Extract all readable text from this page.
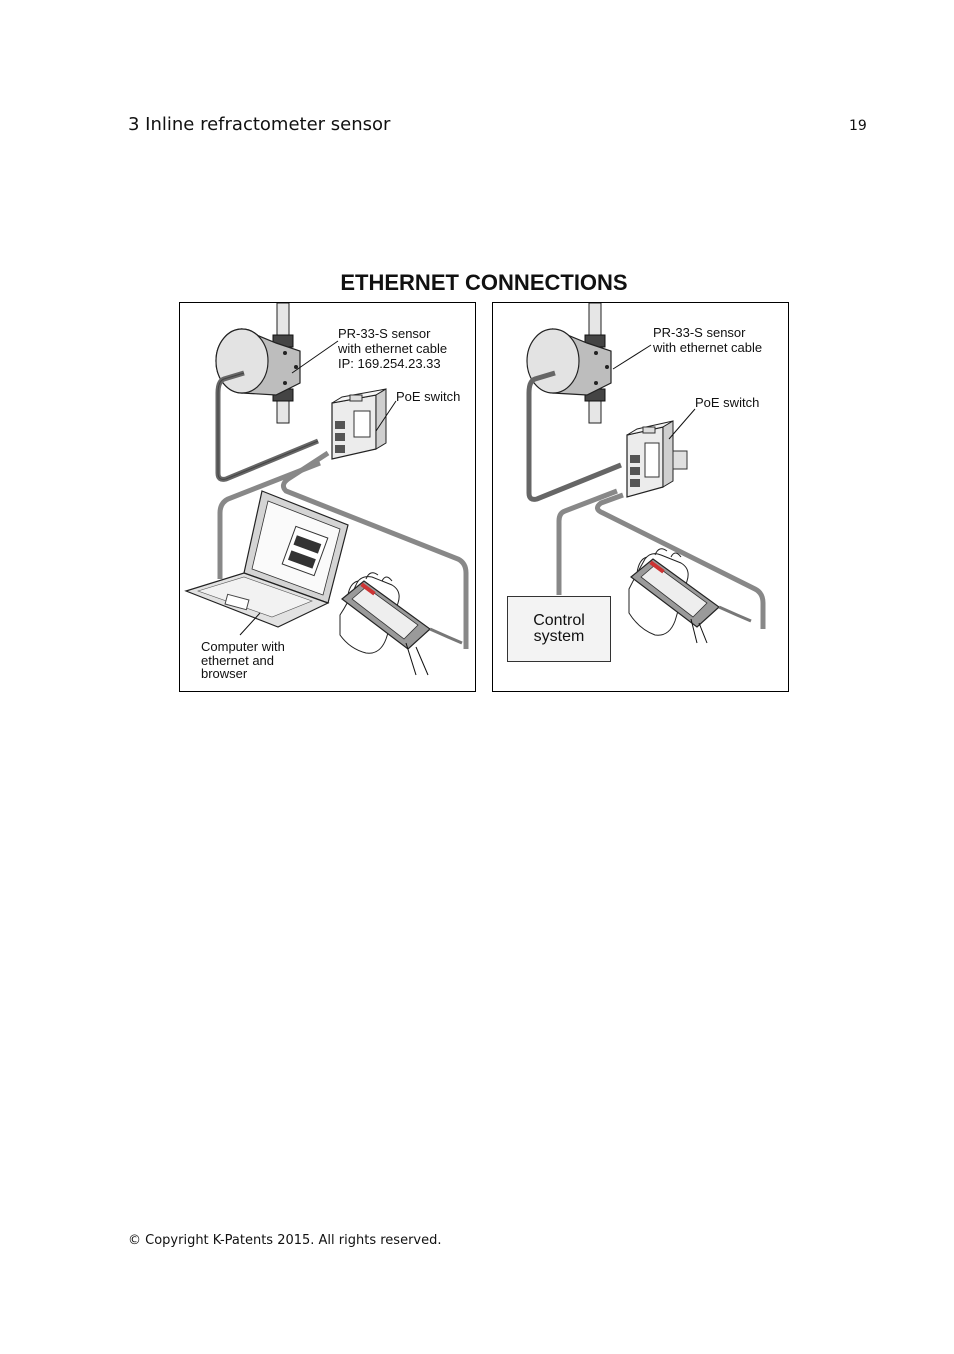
3 Inline refractometer sensor	19
ETHERNET CONNECTIONS
PR-33-S sensor
with ethernet cable
IP: 169.254.23.33
PoE switch
Computer with
ethernet and
browser
PR-33-S sensor
with ethernet cable
PoE switch
Control
system
© Copyright K-Patents 2015. All rights reserved.
